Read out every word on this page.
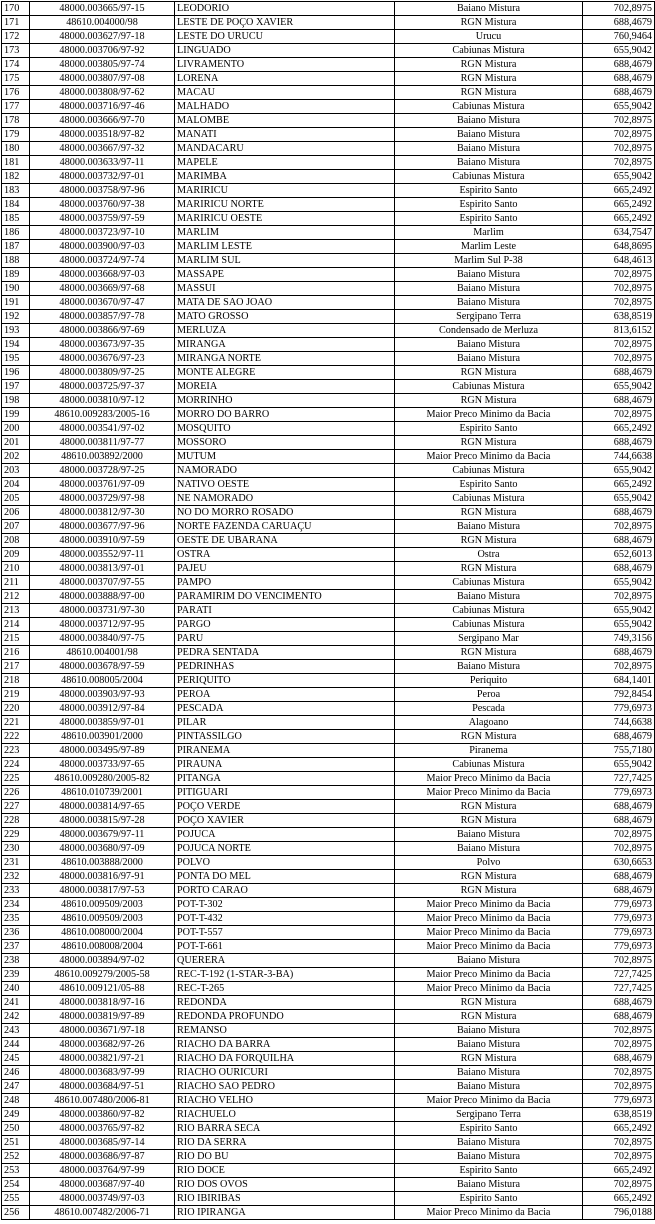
170	48000.003665/97-15	LEODORIO	Baiano Mistura	702,8975
171	48610.004000/98	LESTE DE POÇO XAVIER	RGN Mistura	688,4679
172	48000.003627/97-18	LESTE DO URUCU	Urucu	760,9464
173	48000.003706/97-92	LINGUADO	Cabiunas Mistura	655,9042
174	48000.003805/97-74	LIVRAMENTO	RGN Mistura	688,4679
175	48000.003807/97-08	LORENA	RGN Mistura	688,4679
176	48000.003808/97-62	MACAU	RGN Mistura	688,4679
177	48000.003716/97-46	MALHADO	Cabiunas Mistura	655,9042
178	48000.003666/97-70	MALOMBE	Baiano Mistura	702,8975
179	48000.003518/97-82	MANATI	Baiano Mistura	702,8975
180	48000.003667/97-32	MANDACARU	Baiano Mistura	702,8975
181	48000.003633/97-11	MAPELE	Baiano Mistura	702,8975
182	48000.003732/97-01	MARIMBA	Cabiunas Mistura	655,9042
183	48000.003758/97-96	MARIRICU	Espirito Santo	665,2492
184	48000.003760/97-38	MARIRICU NORTE	Espirito Santo	665,2492
185	48000.003759/97-59	MARIRICU OESTE	Espirito Santo	665,2492
186	48000.003723/97-10	MARLIM	Marlim	634,7547
187	48000.003900/97-03	MARLIM LESTE	Marlim Leste	648,8695
188	48000.003724/97-74	MARLIM SUL	Marlim Sul P-38	648,4613
189	48000.003668/97-03	MASSAPE	Baiano Mistura	702,8975
190	48000.003669/97-68	MASSUI	Baiano Mistura	702,8975
191	48000.003670/97-47	MATA DE SAO JOAO	Baiano Mistura	702,8975
192	48000.003857/97-78	MATO GROSSO	Sergipano Terra	638,8519
193	48000.003866/97-69	MERLUZA	Condensado de Merluza	813,6152
194	48000.003673/97-35	MIRANGA	Baiano Mistura	702,8975
195	48000.003676/97-23	MIRANGA NORTE	Baiano Mistura	702,8975
196	48000.003809/97-25	MONTE ALEGRE	RGN Mistura	688,4679
197	48000.003725/97-37	MOREIA	Cabiunas Mistura	655,9042
198	48000.003810/97-12	MORRINHO	RGN Mistura	688,4679
199	48610.009283/2005-16	MORRO DO BARRO	Maior Preco Minimo da Bacia	702,8975
200	48000.003541/97-02	MOSQUITO	Espirito Santo	665,2492
201	48000.003811/97-77	MOSSORO	RGN Mistura	688,4679
202	48610.003892/2000	MUTUM	Maior Preco Minimo da Bacia	744,6638
203	48000.003728/97-25	NAMORADO	Cabiunas Mistura	655,9042
204	48000.003761/97-09	NATIVO OESTE	Espirito Santo	665,2492
205	48000.003729/97-98	NE NAMORADO	Cabiunas Mistura	655,9042
206	48000.003812/97-30	NO DO MORRO ROSADO	RGN Mistura	688,4679
207	48000.003677/97-96	NORTE FAZENDA CARUAÇU	Baiano Mistura	702,8975
208	48000.003910/97-59	OESTE DE UBARANA	RGN Mistura	688,4679
209	48000.003552/97-11	OSTRA	Ostra	652,6013
210	48000.003813/97-01	PAJEU	RGN Mistura	688,4679
211	48000.003707/97-55	PAMPO	Cabiunas Mistura	655,9042
212	48000.003888/97-00	PARAMIRIM DO VENCIMENTO	Baiano Mistura	702,8975
213	48000.003731/97-30	PARATI	Cabiunas Mistura	655,9042
214	48000.003712/97-95	PARGO	Cabiunas Mistura	655,9042
215	48000.003840/97-75	PARU	Sergipano Mar	749,3156
216	48610.004001/98	PEDRA SENTADA	RGN Mistura	688,4679
217	48000.003678/97-59	PEDRINHAS	Baiano Mistura	702,8975
218	48610.008005/2004	PERIQUITO	Periquito	684,1401
219	48000.003903/97-93	PEROA	Peroa	792,8454
220	48000.003912/97-84	PESCADA	Pescada	779,6973
221	48000.003859/97-01	PILAR	Alagoano	744,6638
222	48610.003901/2000	PINTASSILGO	RGN Mistura	688,4679
223	48000.003495/97-89	PIRANEMA	Piranema	755,7180
224	48000.003733/97-65	PIRAUNA	Cabiunas Mistura	655,9042
225	48610.009280/2005-82	PITANGA	Maior Preco Minimo da Bacia	727,7425
226	48610.010739/2001	PITIGUARI	Maior Preco Minimo da Bacia	779,6973
227	48000.003814/97-65	POÇO VERDE	RGN Mistura	688,4679
228	48000.003815/97-28	POÇO XAVIER	RGN Mistura	688,4679
229	48000.003679/97-11	POJUCA	Baiano Mistura	702,8975
230	48000.003680/97-09	POJUCA NORTE	Baiano Mistura	702,8975
231	48610.003888/2000	POLVO	Polvo	630,6653
232	48000.003816/97-91	PONTA DO MEL	RGN Mistura	688,4679
233	48000.003817/97-53	PORTO CARAO	RGN Mistura	688,4679
234	48610.009509/2003	POT-T-302	Maior Preco Minimo da Bacia	779,6973
235	48610.009509/2003	POT-T-432	Maior Preco Minimo da Bacia	779,6973
236	48610.008000/2004	POT-T-557	Maior Preco Minimo da Bacia	779,6973
237	48610.008008/2004	POT-T-661	Maior Preco Minimo da Bacia	779,6973
238	48000.003894/97-02	QUERERA	Baiano Mistura	702,8975
239	48610.009279/2005-58	REC-T-192 (1-STAR-3-BA)	Maior Preco Minimo da Bacia	727,7425
240	48610.009121/05-88	REC-T-265	Maior Preco Minimo da Bacia	727,7425
241	48000.003818/97-16	REDONDA	RGN Mistura	688,4679
242	48000.003819/97-89	REDONDA PROFUNDO	RGN Mistura	688,4679
243	48000.003671/97-18	REMANSO	Baiano Mistura	702,8975
244	48000.003682/97-26	RIACHO DA BARRA	Baiano Mistura	702,8975
245	48000.003821/97-21	RIACHO DA FORQUILHA	RGN Mistura	688,4679
246	48000.003683/97-99	RIACHO OURICURI	Baiano Mistura	702,8975
247	48000.003684/97-51	RIACHO SAO PEDRO	Baiano Mistura	702,8975
248	48610.007480/2006-81	RIACHO VELHO	Maior Preco Minimo da Bacia	779,6973
249	48000.003860/97-82	RIACHUELO	Sergipano Terra	638,8519
250	48000.003765/97-82	RIO BARRA SECA	Espirito Santo	665,2492
251	48000.003685/97-14	RIO DA SERRA	Baiano Mistura	702,8975
252	48000.003686/97-87	RIO DO BU	Baiano Mistura	702,8975
253	48000.003764/97-99	RIO DOCE	Espirito Santo	665,2492
254	48000.003687/97-40	RIO DOS OVOS	Baiano Mistura	702,8975
255	48000.003749/97-03	RIO IBIRIBAS	Espirito Santo	665,2492
256	48610.007482/2006-71	RIO IPIRANGA	Maior Preco Minimo da Bacia	796,0188
